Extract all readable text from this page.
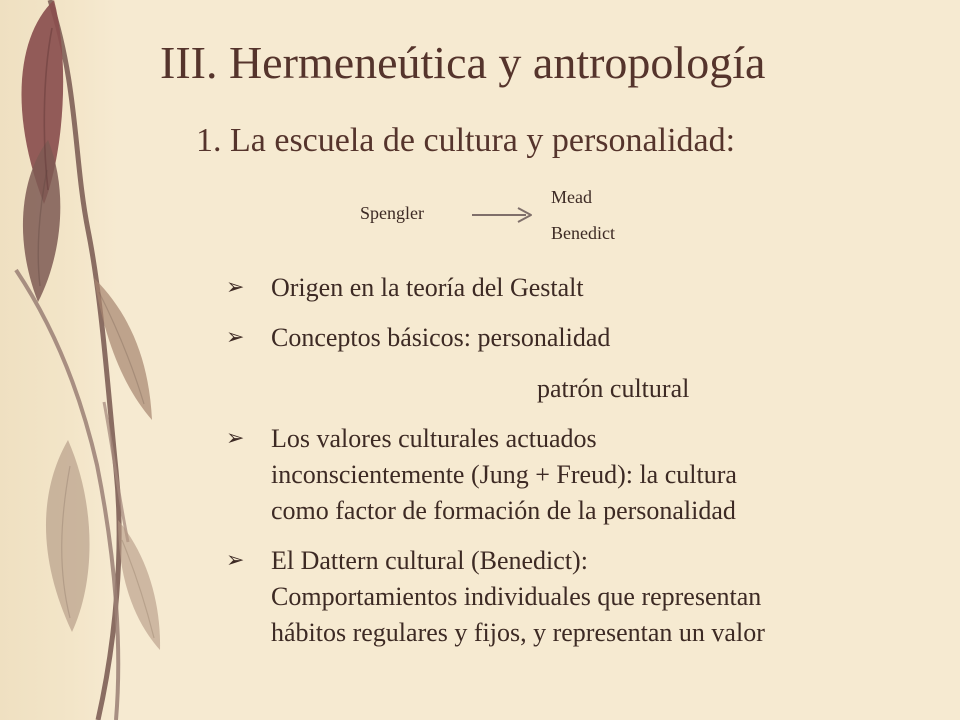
III. Hermeneútica y antropología
1. La escuela de cultura y personalidad:
Spengler
Mead
Benedict
➢ Origen en la teoría del Gestalt
➢ Conceptos básicos: personalidad
patrón cultural
➢ Los valores culturales actuados
inconscientemente (Jung + Freud): la cultura
como factor de formación de la personalidad
➢ El Dattern cultural (Benedict):
Comportamientos individuales que representan
hábitos regulares y fijos, y representan un valor
